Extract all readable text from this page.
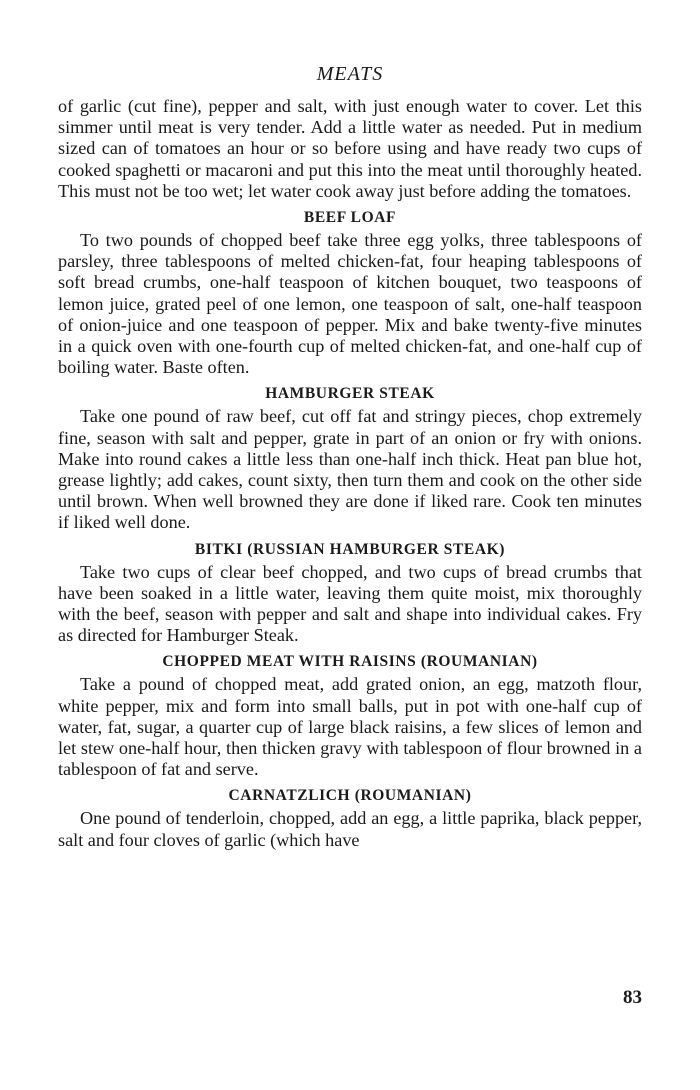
MEATS

of garlic (cut fine), pepper and salt, with just enough water to cover. Let this simmer until meat is very tender. Add a little water as needed. Put in medium sized can of tomatoes an hour or so before using and have ready two cups of cooked spaghetti or macaroni and put this into the meat until thoroughly heated. This must not be too wet; let water cook away just before adding the tomatoes.

BEEF LOAF

To two pounds of chopped beef take three egg yolks, three tablespoons of parsley, three tablespoons of melted chicken-fat, four heaping tablespoons of soft bread crumbs, one-half teaspoon of kitchen bouquet, two teaspoons of lemon juice, grated peel of one lemon, one teaspoon of salt, one-half teaspoon of onion-juice and one teaspoon of pepper. Mix and bake twenty-five minutes in a quick oven with one-fourth cup of melted chicken-fat, and one-half cup of boiling water. Baste often.

HAMBURGER STEAK

Take one pound of raw beef, cut off fat and stringy pieces, chop extremely fine, season with salt and pepper, grate in part of an onion or fry with onions. Make into round cakes a little less than one-half inch thick. Heat pan blue hot, grease lightly; add cakes, count sixty, then turn them and cook on the other side until brown. When well browned they are done if liked rare. Cook ten minutes if liked well done.

BITKI (RUSSIAN HAMBURGER STEAK)

Take two cups of clear beef chopped, and two cups of bread crumbs that have been soaked in a little water, leaving them quite moist, mix thoroughly with the beef, season with pepper and salt and shape into individual cakes. Fry as directed for Hamburger Steak.

CHOPPED MEAT WITH RAISINS (ROUMANIAN)

Take a pound of chopped meat, add grated onion, an egg, matzoth flour, white pepper, mix and form into small balls, put in pot with one-half cup of water, fat, sugar, a quarter cup of large black raisins, a few slices of lemon and let stew one-half hour, then thicken gravy with tablespoon of flour browned in a tablespoon of fat and serve.

CARNATZLICH (ROUMANIAN)

One pound of tenderloin, chopped, add an egg, a little paprika, black pepper, salt and four cloves of garlic (which have

83
